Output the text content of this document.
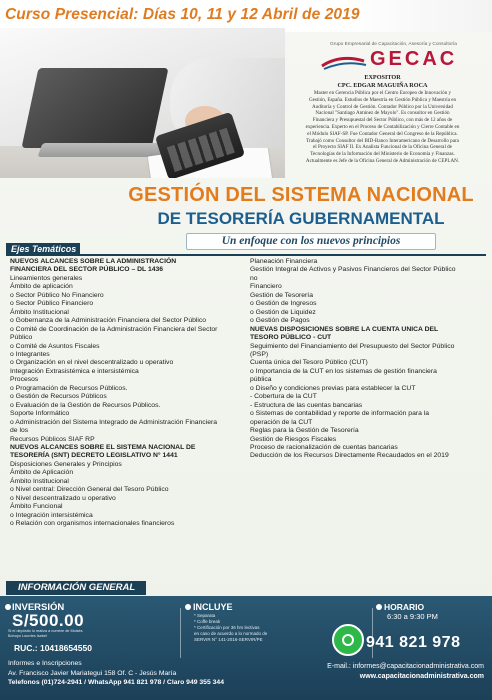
Curso Presencial: Días 10, 11 y 12 Abril de 2019
Grupo Empresarial de Capacitación, Asesoría y Consultoría
GECAC
EXPOSITOR
CPC. EDGAR MAGUIÑA ROCA
Master en Gerencia Pública por el Centro Europeo de Innovación y
Gestión, España. Estudios de Maestría en Gestión Pública y Maestría en
Auditoría y Control de Gestión. Contador Público por la Universidad
Nacional "Santiago Antúnez de Mayolo". Es consultor en Gestión
Financiera y Presupuestal del Sector Público, con más de 12 años de
experiencia. Experto en el Proceso de Contabilización y Cierre Contable en
el Módulo SIAF-SP. Fue Contador General del Congreso de la República.
Trabajó como Consultor del BID-Banco Interamericano de Desarrollo para
el Proyecto SIAF II. Ex Analista Funcional de la Oficina General de
Tecnologías de la Información del Ministerio de Economía y Finanzas.
Actualmente es Jefe de la Oficina General de Administración de CEPLAN.
GESTIÓN DEL SISTEMA NACIONAL
DE TESORERÍA GUBERNAMENTAL
Un enfoque con los nuevos principios
Ejes Temáticos
NUEVOS ALCANCES SOBRE LA ADMINISTRACIÓN
FINANCIERA DEL SECTOR PÚBLICO – DL 1436
Lineamientos generales
Ámbito de aplicación
o Sector Público No Financiero
o Sector Público Financiero
Ámbito Institucional
o Gobernanza de la Administración Financiera del Sector Público
o Comité de Coordinación de la Administración Financiera del Sector
Público
o Comité de Asuntos Fiscales
o Integrantes
o Organización en el nivel descentralizado u operativo
Integración Extrasistémica e intersistémica
Procesos
o Programación de Recursos Públicos.
o Gestión de Recursos Públicos
o Evaluación de la Gestión de Recursos Públicos.
Soporte Informático
o Administración del Sistema Integrado de Administración Financiera
de los
Recursos Públicos SIAF RP
NUEVOS ALCANCES SOBRE EL SISTEMA NACIONAL DE
TESORERÍA (SNT) DECRETO LEGISLATIVO N° 1441
Disposiciones Generales y Principios
Ámbito de Aplicación
Ámbito Institucional
o Nivel central: Dirección General del Tesoro Público
o Nivel descentralizado u operativo
Ámbito Funcional
o Integración intersistémica
o Relación con organismos internacionales financieros
Planeación Financiera
Gestión Integral de Activos y Pasivos Financieros del Sector Público
no
Financiero
Gestión de Tesorería
o Gestión de Ingresos
o Gestión de Liquidez
o Gestión de Pagos
NUEVAS DISPOSICIONES SOBRE LA CUENTA UNICA DEL
TESORO PÚBLICO - CUT
Seguimiento del Financiamiento del Presupuesto del Sector Público
(PSP)
Cuenta única del Tesoro Público (CUT)
o Importancia de la CUT en los sistemas de gestión financiera
pública
o Diseño y condiciones previas para establecer la CUT
- Cobertura de la CUT
- Estructura de las cuentas bancarias
o Sistemas de contabilidad y reporte de información para la
operación de la CUT
Reglas para la Gestión de Tesorería
Gestión de Riesgos Fiscales
Proceso de racionalización de cuentas bancarias
Deducción de los Recursos Directamente Recaudados en el 2019
INFORMACIÓN GENERAL
INVERSIÓN
S/500.00
Si el depósito lo realiza a nombre de Moisés Bohuyo Lourdes Isabel
RUC.: 10418654550
INCLUYE
* Separata
* Coffe break
* Certificación por 36 hrs lectivas
en caso de acuerdo a lo normado de
SERVIR N° 141-2016-SERVIR/PE
HORARIO
6:30 a 9:30 PM
941 821 978
Informes e Inscripciones
Av. Francisco Javier Mariategui 158 Of. C - Jesús María
Telefonos (01)724-2941 / WhatsApp 941 821 978 / Claro 949 355 344
E-mail.: informes@capacitacionadministrativa.com
www.capacitacionadministrativa.com
